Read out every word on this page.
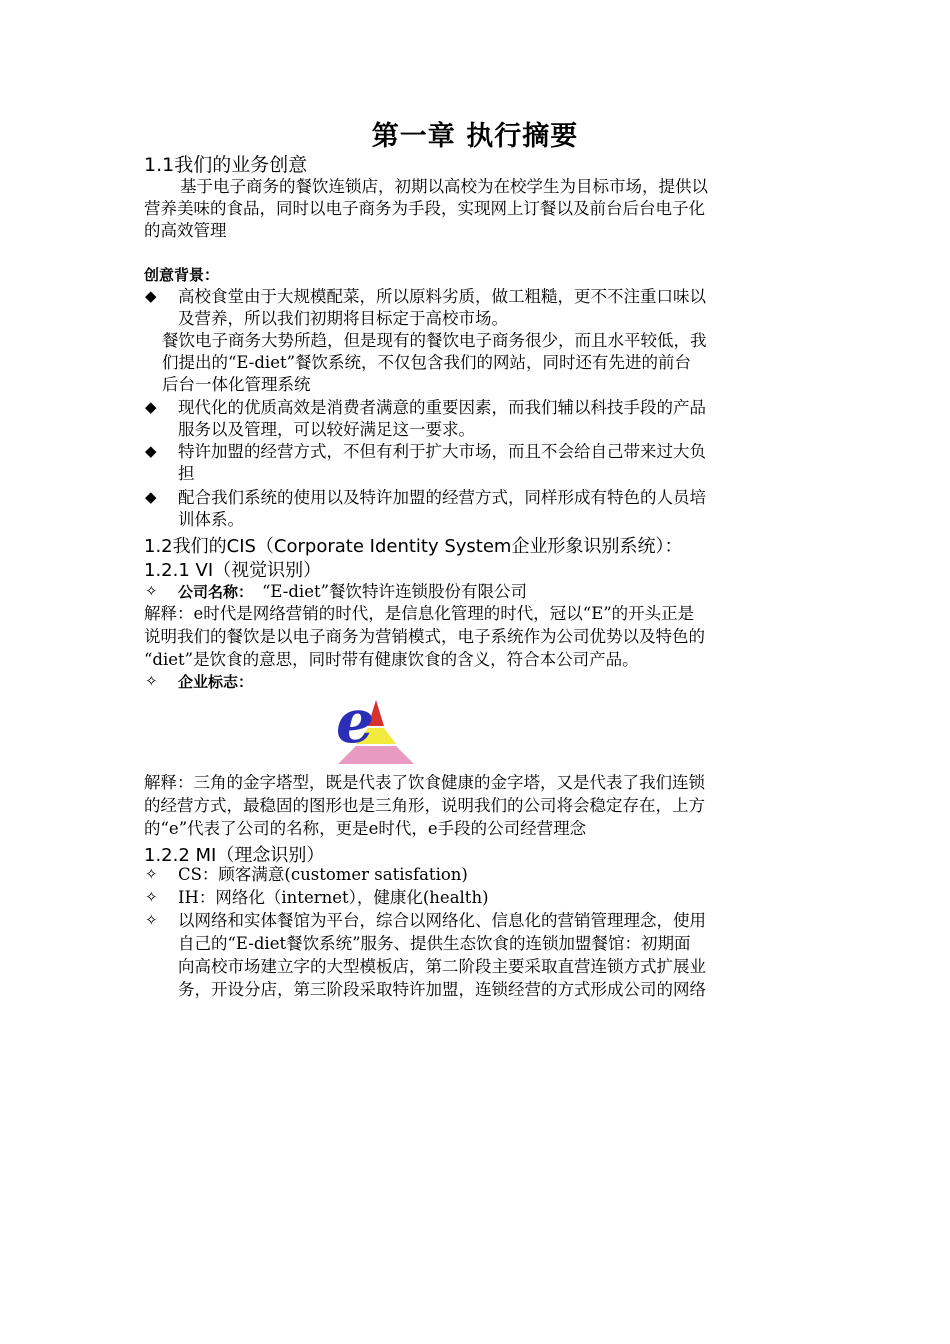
第一章 执行摘要
1.1我们的业务创意
基于电子商务的餐饮连锁店，初期以高校为在校学生为目标市场，提供以
营养美味的食品，同时以电子商务为手段，实现网上订餐以及前台后台电子化
的高效管理
创意背景：
◆ 高校食堂由于大规模配菜，所以原料劣质，做工粗糙，更不不注重口味以
及营养，所以我们初期将目标定于高校市场。
餐饮电子商务大势所趋，但是现有的餐饮电子商务很少，而且水平较低，我
们提出的“E-diet”餐饮系统，不仅包含我们的网站，同时还有先进的前台
后台一体化管理系统
◆ 现代化的优质高效是消费者满意的重要因素，而我们辅以科技手段的产品
服务以及管理，可以较好满足这一要求。
◆ 特许加盟的经营方式，不但有利于扩大市场，而且不会给自己带来过大负
担
◆ 配合我们系统的使用以及特许加盟的经营方式，同样形成有特色的人员培
训体系。
1.2我们的CIS（Corporate Identity System企业形象识别系统）：
1.2.1 VI（视觉识别）
✧ 公司名称： “E-diet”餐饮特许连锁股份有限公司
解释：e时代是网络营销的时代，是信息化管理的时代，冠以“E”的开头正是
说明我们的餐饮是以电子商务为营销模式，电子系统作为公司优势以及特色的
“diet”是饮食的意思，同时带有健康饮食的含义，符合本公司产品。
✧ 企业标志：
e
解释：三角的金字塔型，既是代表了饮食健康的金字塔，又是代表了我们连锁
的经营方式，最稳固的图形也是三角形，说明我们的公司将会稳定存在，上方
的“e”代表了公司的名称，更是e时代，e手段的公司经营理念
1.2.2 MI（理念识别）
✧ CS：顾客满意(customer satisfation)
✧ IH：网络化（internet），健康化(health)
✧ 以网络和实体餐馆为平台，综合以网络化、信息化的营销管理理念，使用
自己的“E-diet餐饮系统”服务、提供生态饮食的连锁加盟餐馆：初期面
向高校市场建立字的大型模板店，第二阶段主要采取直营连锁方式扩展业
务，开设分店，第三阶段采取特许加盟，连锁经营的方式形成公司的网络
